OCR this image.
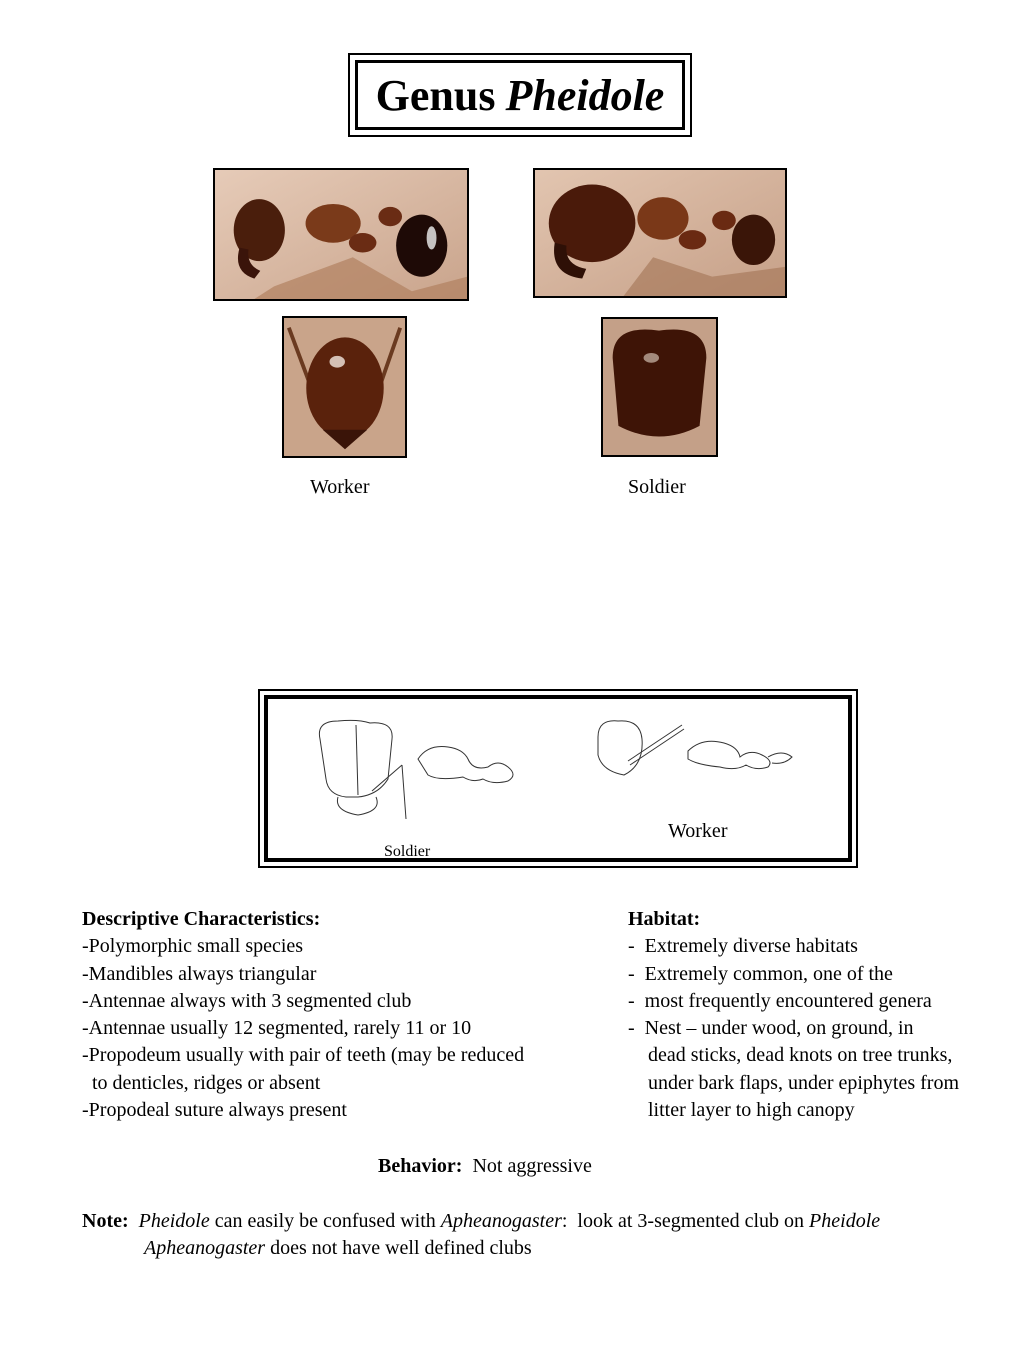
Genus Pheidole
Worker	Soldier
Soldier
Worker
Descriptive Characteristics:
-Polymorphic small species
-Mandibles always triangular
-Antennae always with 3 segmented club
-Antennae usually 12 segmented, rarely 11 or 10
-Propodeum usually with pair of teeth (may be reduced
to denticles, ridges or absent
-Propodeal suture always present
Habitat:
-  Extremely diverse habitats
-  Extremely common, one of the
-  most frequently encountered genera
-  Nest – under wood, on ground, in
dead sticks, dead knots on tree trunks,
under bark flaps, under epiphytes from
litter layer to high canopy
Behavior: Not aggressive
Note: Pheidole can easily be confused with Apheanogaster:  look at 3-segmented club on Pheidole
Apheanogaster does not have well defined clubs
